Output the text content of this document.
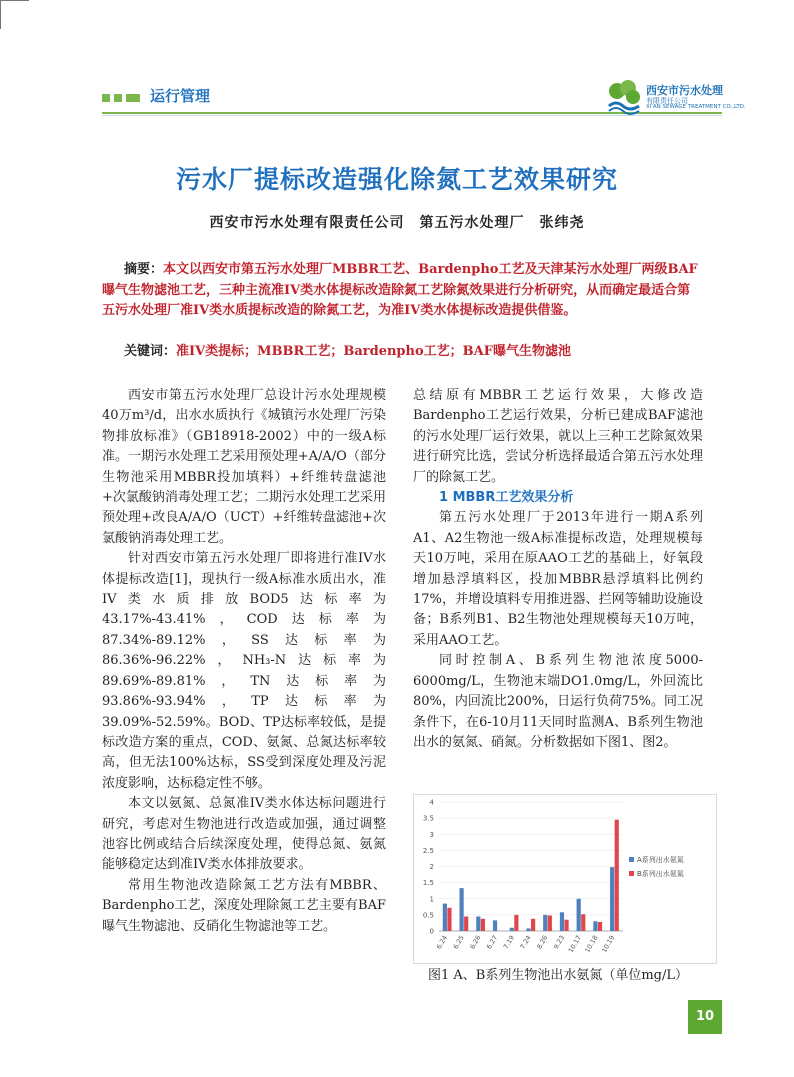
运行管理	西安市污水处理
有限责任公司
XI'AN SEWAGE TREATMENT CO.,LTD.
污水厂提标改造强化除氮工艺效果研究
西安市污水处理有限责任公司　第五污水处理厂　张纬尧
摘要：本文以西安市第五污水处理厂MBBR工艺、Bardenpho工艺及天津某污水处理厂两级BAF曝气生物滤池工艺，三种主流准IV类水体提标改造除氮工艺除氮效果进行分析研究，从而确定最适合第五污水处理厂准IV类水质提标改造的除氮工艺，为准IV类水体提标改造提供借鉴。
关键词：准IV类提标；MBBR工艺；Bardenpho工艺；BAF曝气生物滤池

西安市第五污水处理厂总设计污水处理规模40万m³/d，出水水质执行《城镇污水处理厂污染物排放标准》（GB18918-2002）中的一级A标准。一期污水处理工艺采用预处理+A/A/O（部分生物池采用MBBR投加填料）+纤维转盘滤池+次氯酸钠消毒处理工艺；二期污水处理工艺采用预处理+改良A/A/O（UCT）+纤维转盘滤池+次氯酸钠消毒处理工艺。

针对西安市第五污水处理厂即将进行准IV水体提标改造[1]，现执行一级A标准水质出水，准IV类水质排放BOD5达标率为43.17%-43.41%，COD达标率为87.34%-89.12%，SS达标率为86.36%-96.22%，NH₃-N达标率为89.69%-89.81%，TN达标率为93.86%-93.94%，TP达标率为39.09%-52.59%。BOD、TP达标率较低，是提标改造方案的重点，COD、氨氮、总氮达标率较高，但无法100%达标，SS受到深度处理及污泥浓度影响，达标稳定性不够。

本文以氨氮、总氮准IV类水体达标问题进行研究，考虑对生物池进行改造或加强，通过调整池容比例或结合后续深度处理，使得总氮、氨氮能够稳定达到准IV类水体排放要求。

常用生物池改造除氮工艺方法有MBBR、Bardenpho工艺，深度处理除氮工艺主要有BAF曝气生物滤池、反硝化生物滤池等工艺。

总结原有MBBR工艺运行效果，大修改造Bardenpho工艺运行效果，分析已建成BAF滤池的污水处理厂运行效果，就以上三种工艺除氮效果进行研究比选，尝试分析选择最适合第五污水处理厂的除氮工艺。

1 MBBR工艺效果分析

第五污水处理厂于2013年进行一期A系列A1、A2生物池一级A标准提标改造，处理规模每天10万吨，采用在原AAO工艺的基础上，好氧段增加悬浮填料区，投加MBBR悬浮填料比例约17%，并增设填料专用推进器、拦网等辅助设施设备；B系列B1、B2生物池处理规模每天10万吨，采用AAO工艺。

同时控制A、B系列生物池浓度5000-6000mg/L，生物池末端DO1.0mg/L，外回流比80%，内回流比200%，日运行负荷75%。同工况条件下，在6-10月11天同时监测A、B系列生物池出水的氨氮、硝氮。分析数据如下图1、图2。

0
0.5
1
1.5
2
2.5
3
3.5
4
6.24 6.25 6.26 6.27 7.19 7.24 8.26 9.23 10.17 10.18 10.19
A系列出水氨氮
B系列出水氨氮
图1 A、B系列生物池出水氨氮（单位mg/L）
10
